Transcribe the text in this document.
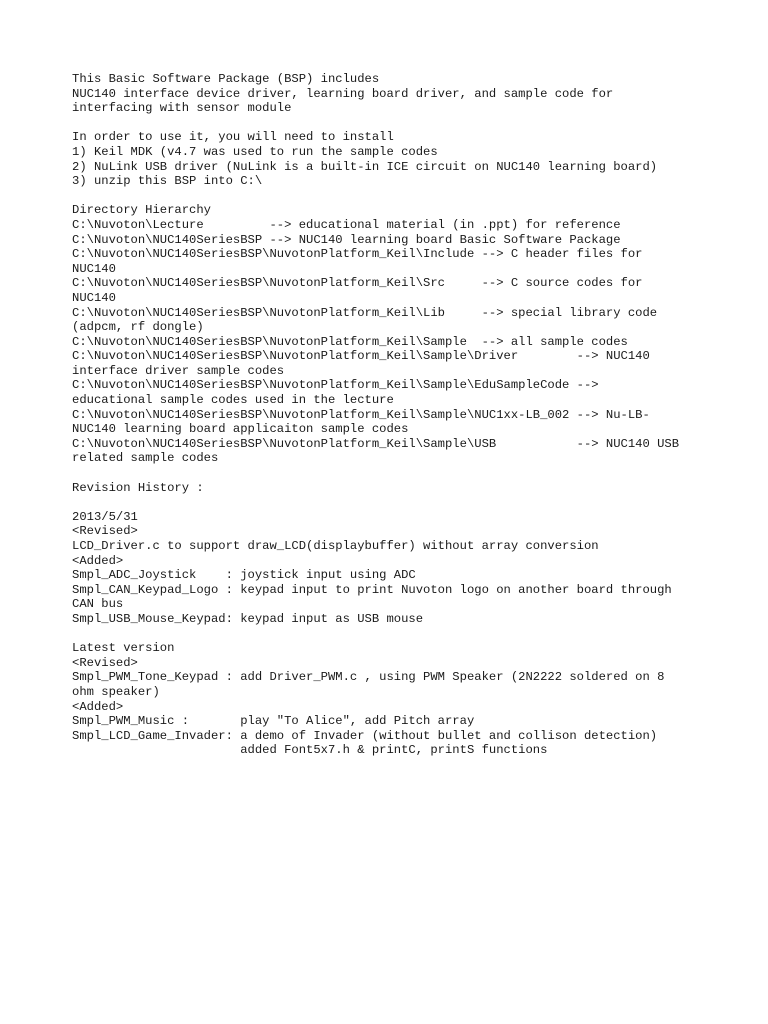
This Basic Software Package (BSP) includes
NUC140 interface device driver, learning board driver, and sample code for
interfacing with sensor module
In order to use it, you will need to install
1) Keil MDK (v4.7 was used to run the sample codes
2) NuLink USB driver (NuLink is a built-in ICE circuit on NUC140 learning board)
3) unzip this BSP into C:\
Directory Hierarchy
C:\Nuvoton\Lecture         --> educational material (in .ppt) for reference
C:\Nuvoton\NUC140SeriesBSP --> NUC140 learning board Basic Software Package
C:\Nuvoton\NUC140SeriesBSP\NuvotonPlatform_Keil\Include --> C header files for
NUC140
C:\Nuvoton\NUC140SeriesBSP\NuvotonPlatform_Keil\Src     --> C source codes for
NUC140
C:\Nuvoton\NUC140SeriesBSP\NuvotonPlatform_Keil\Lib     --> special library code
(adpcm, rf dongle)
C:\Nuvoton\NUC140SeriesBSP\NuvotonPlatform_Keil\Sample  --> all sample codes
C:\Nuvoton\NUC140SeriesBSP\NuvotonPlatform_Keil\Sample\Driver        --> NUC140
interface driver sample codes
C:\Nuvoton\NUC140SeriesBSP\NuvotonPlatform_Keil\Sample\EduSampleCode -->
educational sample codes used in the lecture
C:\Nuvoton\NUC140SeriesBSP\NuvotonPlatform_Keil\Sample\NUC1xx-LB_002 --> Nu-LB-
NUC140 learning board applicaiton sample codes
C:\Nuvoton\NUC140SeriesBSP\NuvotonPlatform_Keil\Sample\USB           --> NUC140 USB
related sample codes
Revision History :
2013/5/31
<Revised>
LCD_Driver.c to support draw_LCD(displaybuffer) without array conversion
<Added>
Smpl_ADC_Joystick    : joystick input using ADC
Smpl_CAN_Keypad_Logo : keypad input to print Nuvoton logo on another board through
CAN bus
Smpl_USB_Mouse_Keypad: keypad input as USB mouse
Latest version
<Revised>
Smpl_PWM_Tone_Keypad : add Driver_PWM.c , using PWM Speaker (2N2222 soldered on 8
ohm speaker)
<Added>
Smpl_PWM_Music :       play "To Alice", add Pitch array
Smpl_LCD_Game_Invader: a demo of Invader (without bullet and collison detection)
added Font5x7.h & printC, printS functions
